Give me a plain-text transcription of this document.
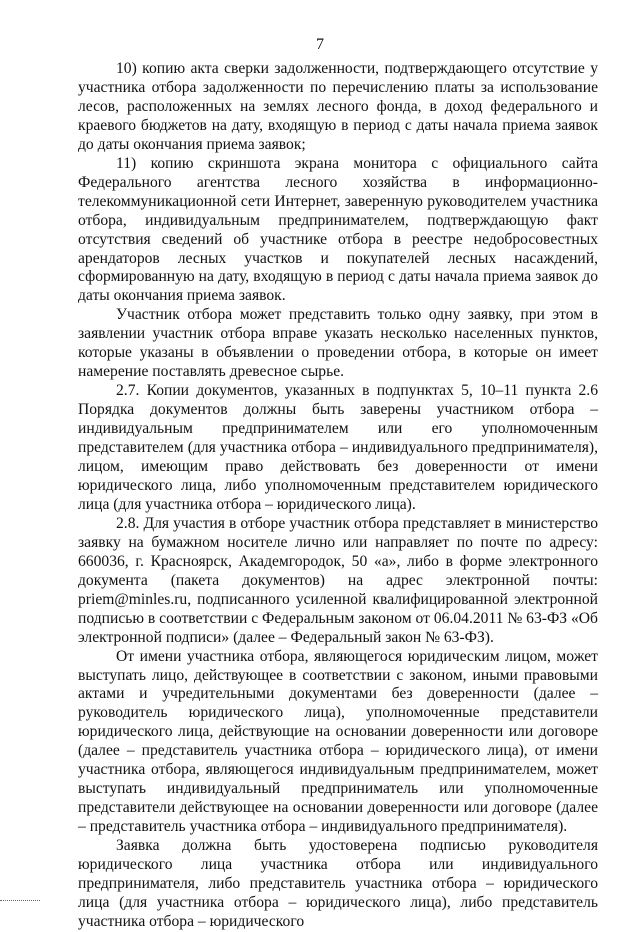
7

10) копию акта сверки задолженности, подтверждающего отсутствие у участника отбора задолженности по перечислению платы за использование лесов, расположенных на землях лесного фонда, в доход федерального и краевого бюджетов на дату, входящую в период с даты начала приема заявок до даты окончания приема заявок;

11) копию скриншота экрана монитора с официального сайта Федерального агентства лесного хозяйства в информационно-телекоммуникационной сети Интернет, заверенную руководителем участника отбора, индивидуальным предпринимателем, подтверждающую факт отсутствия сведений об участнике отбора в реестре недобросовестных арендаторов лесных участков и покупателей лесных насаждений, сформированную на дату, входящую в период с даты начала приема заявок до даты окончания приема заявок.

Участник отбора может представить только одну заявку, при этом в заявлении участник отбора вправе указать несколько населенных пунктов, которые указаны в объявлении о проведении отбора, в которые он имеет намерение поставлять древесное сырье.

2.7. Копии документов, указанных в подпунктах 5, 10–11 пункта 2.6 Порядка документов должны быть заверены участником отбора – индивидуальным предпринимателем или его уполномоченным представителем (для участника отбора – индивидуального предпринимателя), лицом, имеющим право действовать без доверенности от имени юридического лица, либо уполномоченным представителем юридического лица (для участника отбора – юридического лица).

2.8. Для участия в отборе участник отбора представляет в министерство заявку на бумажном носителе лично или направляет по почте по адресу: 660036, г. Красноярск, Академгородок, 50 «а», либо в форме электронного документа (пакета документов) на адрес электронной почты: priem@minles.ru, подписанного усиленной квалифицированной электронной подписью в соответствии с Федеральным законом от 06.04.2011 № 63-ФЗ «Об электронной подписи» (далее – Федеральный закон № 63-ФЗ).

От имени участника отбора, являющегося юридическим лицом, может выступать лицо, действующее в соответствии с законом, иными правовыми актами и учредительными документами без доверенности (далее – руководитель юридического лица), уполномоченные представители юридического лица, действующие на основании доверенности или договоре (далее – представитель участника отбора – юридического лица), от имени участника отбора, являющегося индивидуальным предпринимателем, может выступать индивидуальный предприниматель или уполномоченные представители действующее на основании доверенности или договоре (далее – представитель участника отбора – индивидуального предпринимателя).

Заявка должна быть удостоверена подписью руководителя юридического лица участника отбора или индивидуального предпринимателя, либо представитель участника отбора – юридического лица (для участника отбора – юридического лица), либо представитель участника отбора – юридического
